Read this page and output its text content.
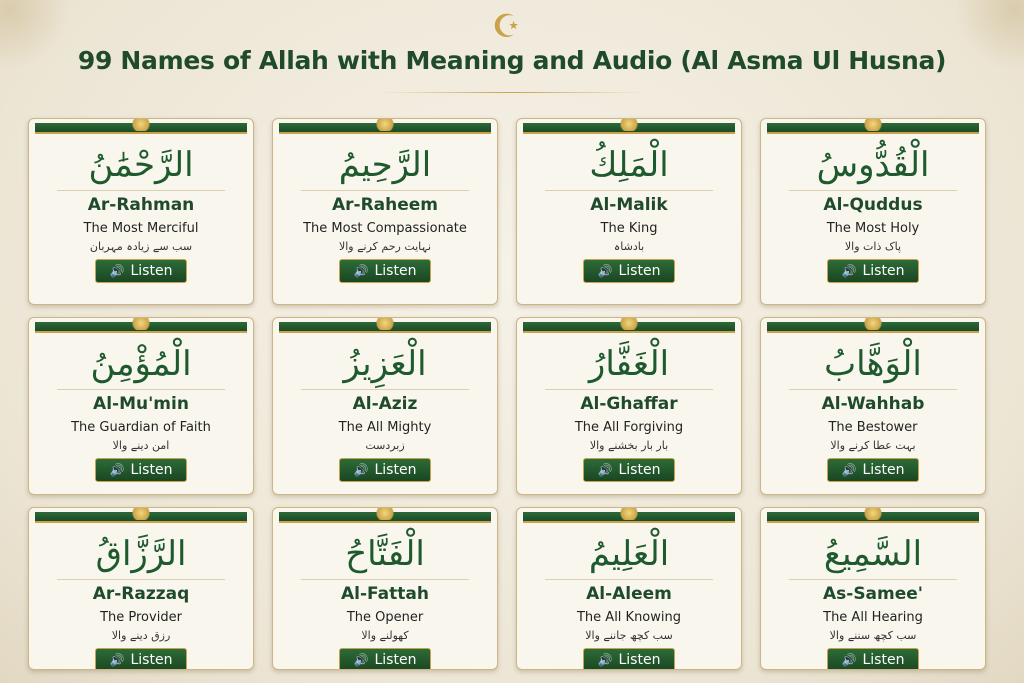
☪
99 Names of Allah with Meaning and Audio (Al Asma Ul Husna)
الرَّحْمَٰنُ
Ar-Rahman
The Most Merciful
سب سے زیادہ مہربان
🔊 Listen
الرَّحِيمُ
Ar-Raheem
The Most Compassionate
نہایت رحم کرنے والا
🔊 Listen
الْمَلِكُ
Al-Malik
The King
بادشاہ
🔊 Listen
الْقُدُّوسُ
Al-Quddus
The Most Holy
پاک ذات والا
🔊 Listen
الْمُؤْمِنُ
Al-Mu'min
The Guardian of Faith
امن دینے والا
🔊 Listen
الْعَزِيزُ
Al-Aziz
The All Mighty
زبردست
🔊 Listen
الْغَفَّارُ
Al-Ghaffar
The All Forgiving
بار بار بخشنے والا
🔊 Listen
الْوَهَّابُ
Al-Wahhab
The Bestower
بہت عطا کرنے والا
🔊 Listen
الرَّزَّاقُ
Ar-Razzaq
The Provider
رزق دینے والا
🔊 Listen
الْفَتَّاحُ
Al-Fattah
The Opener
کھولنے والا
🔊 Listen
الْعَلِيمُ
Al-Aleem
The All Knowing
سب کچھ جاننے والا
🔊 Listen
السَّمِيعُ
As-Samee'
The All Hearing
سب کچھ سننے والا
🔊 Listen
